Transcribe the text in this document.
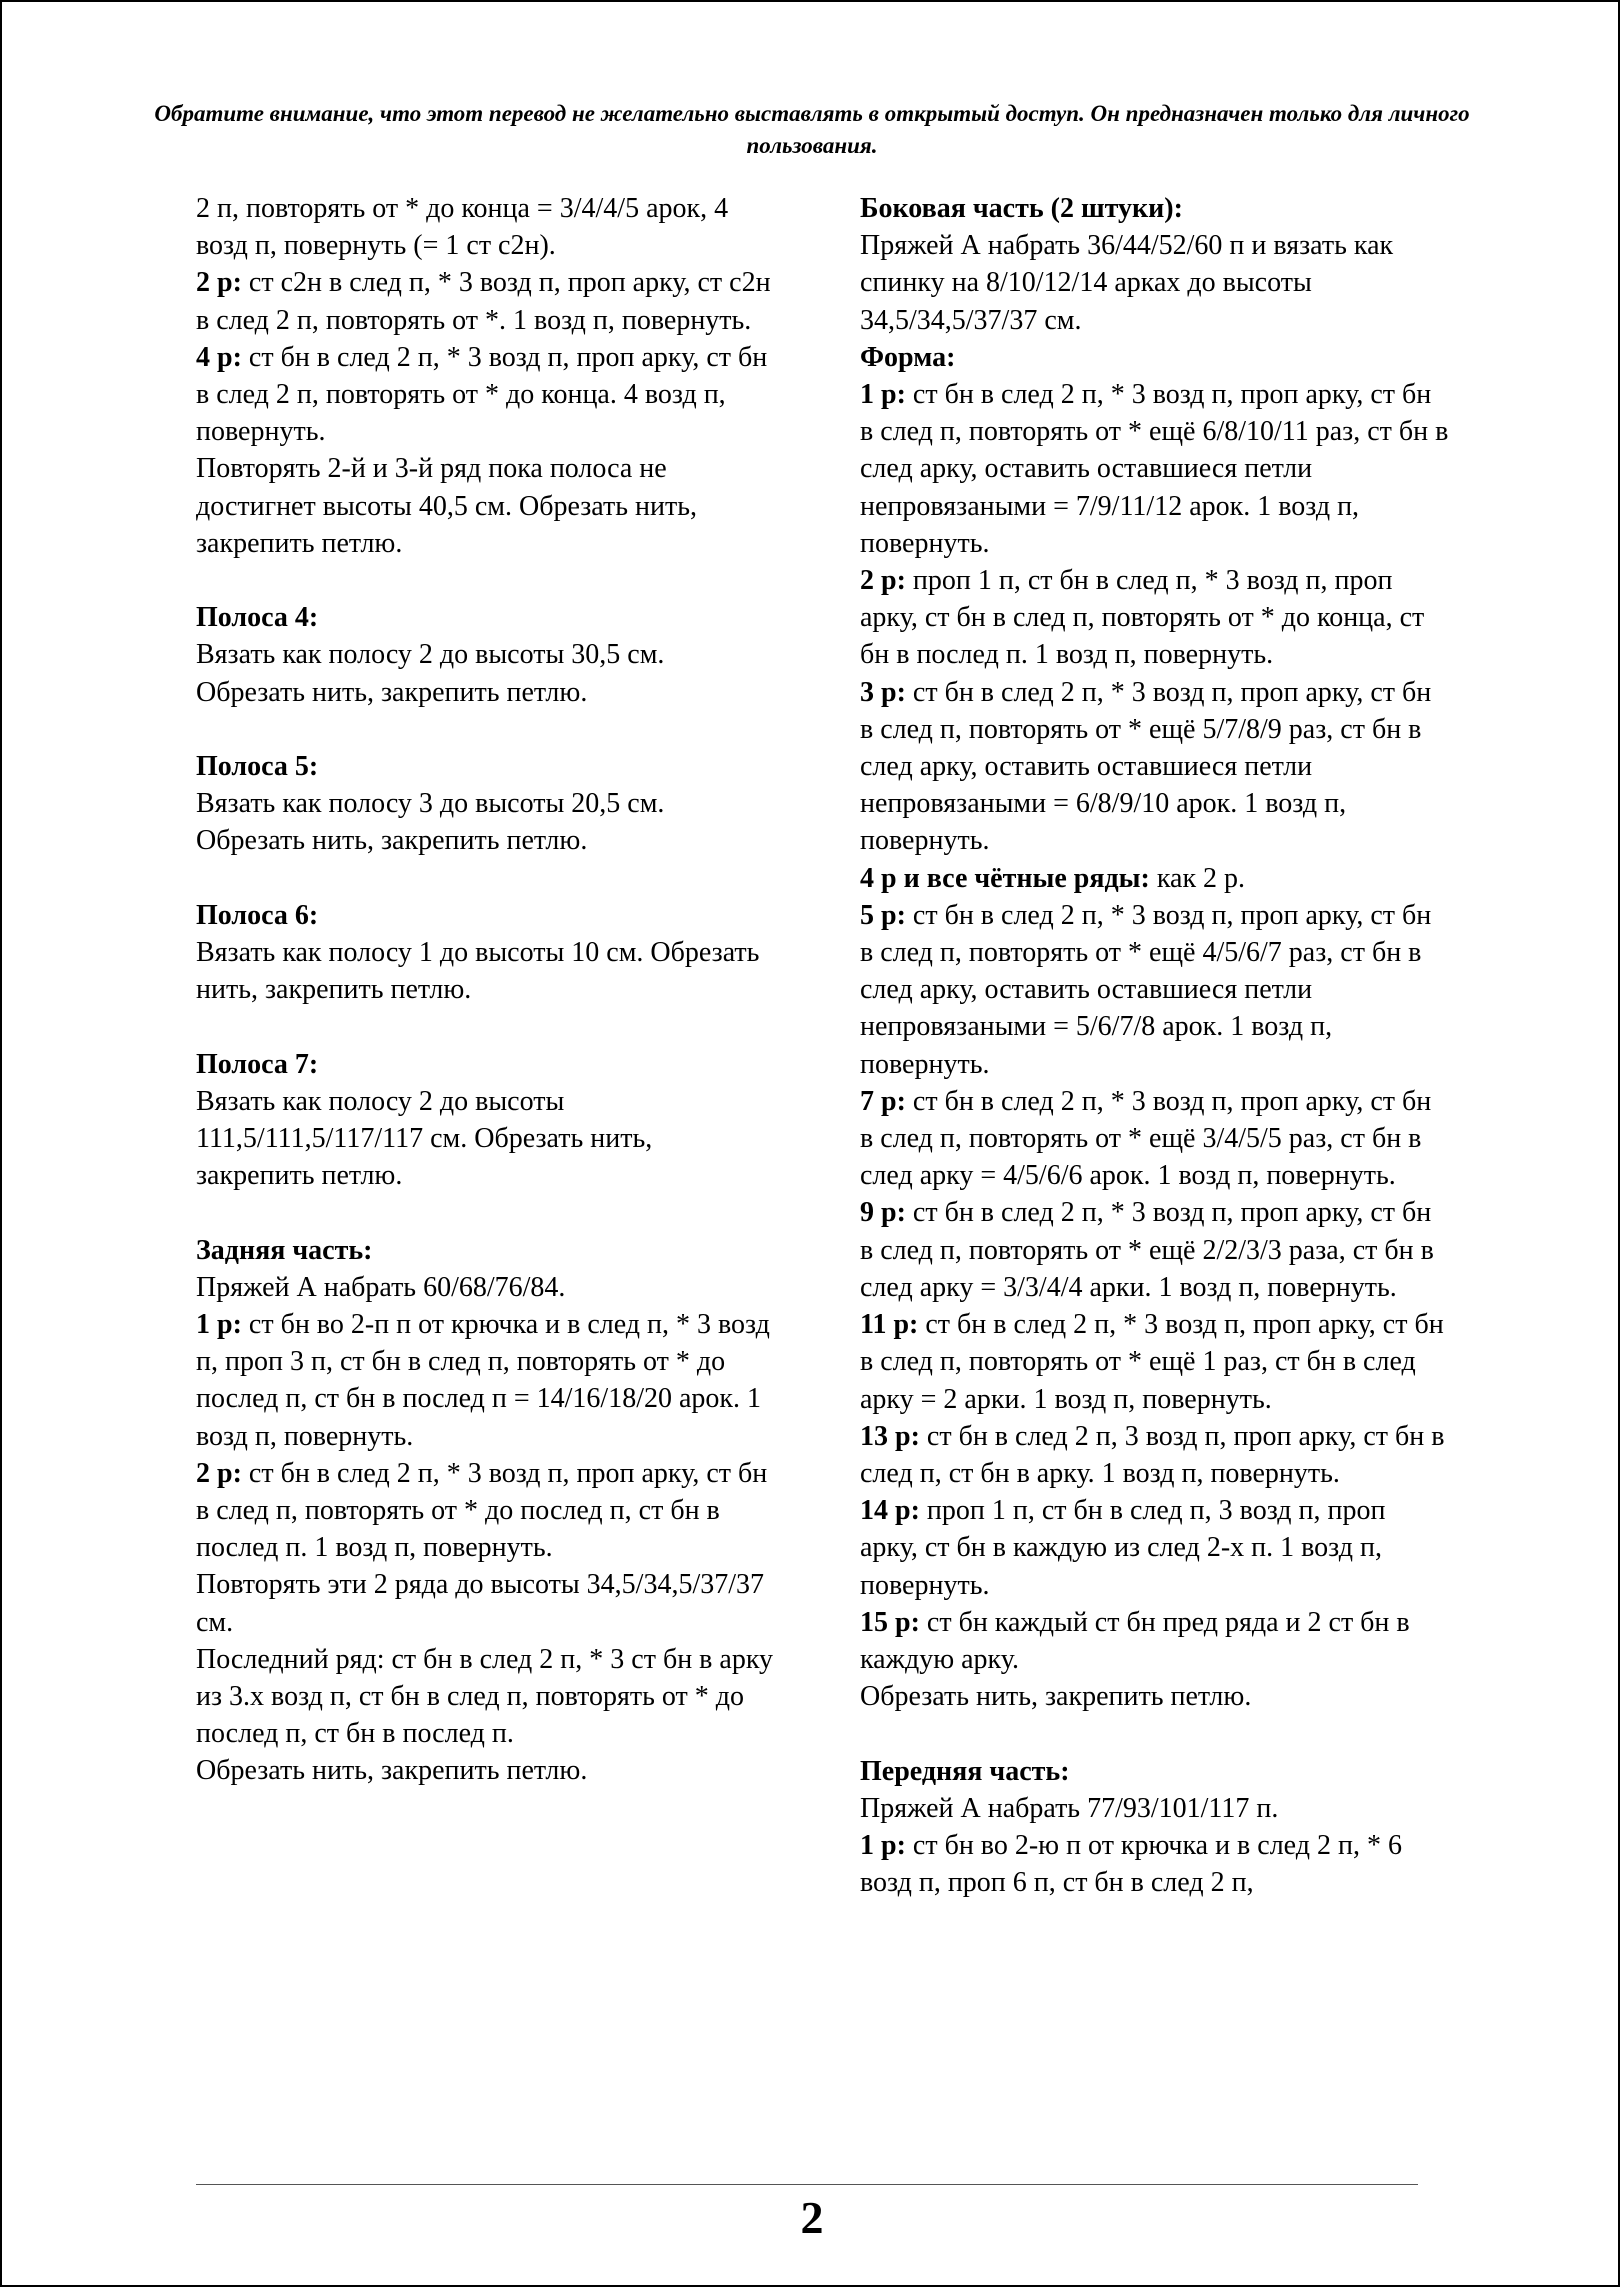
Обратите внимание, что этот перевод не желательно выставлять в открытый доступ. Он предназначен только для личного пользования.

2 п, повторять от * до конца = 3/4/4/5 арок, 4 возд п, повернуть (= 1 ст с2н).

2 р: ст с2н в след п, * 3 возд п, проп арку, ст с2н в след 2 п, повторять от *. 1 возд п, повернуть.

4 р: ст бн в след 2 п, * 3 возд п, проп арку, ст бн в след 2 п, повторять от * до конца. 4 возд п, повернуть.

Повторять 2-й и 3-й ряд пока полоса не достигнет высоты 40,5 см. Обрезать нить, закрепить петлю.

Полоса 4:

Вязать как полосу 2 до высоты 30,5 см. Обрезать нить, закрепить петлю.

Полоса 5:

Вязать как полосу 3 до высоты 20,5 см. Обрезать нить, закрепить петлю.

Полоса 6:

Вязать как полосу 1 до высоты 10 см. Обрезать нить, закрепить петлю.

Полоса 7:

Вязать как полосу 2 до высоты 111,5/111,5/117/117 см. Обрезать нить, закрепить петлю.

Задняя часть:

Пряжей А набрать 60/68/76/84.

1 р: ст бн во 2-п п от крючка и в след п, * 3 возд п, проп 3 п, ст бн в след п, повторять от * до послед п, ст бн в послед п = 14/16/18/20 арок. 1 возд п, повернуть.

2 р: ст бн в след 2 п, * 3 возд п, проп арку, ст бн в след п, повторять от * до послед п, ст бн в послед п. 1 возд п, повернуть.

Повторять эти 2 ряда до высоты 34,5/34,5/37/37 см.

Последний ряд: ст бн в след 2 п, * 3 ст бн в арку из 3.х возд п, ст бн в след п, повторять от * до послед п, ст бн в послед п.

Обрезать нить, закрепить петлю.

Боковая часть (2 штуки):

Пряжей А набрать 36/44/52/60 п и вязать как спинку на 8/10/12/14 арках до высоты 34,5/34,5/37/37 см.

Форма:

1 р: ст бн в след 2 п, * 3 возд п, проп арку, ст бн в след п, повторять от * ещё 6/8/10/11 раз, ст бн в след арку, оставить оставшиеся петли непровязаными = 7/9/11/12 арок. 1 возд п, повернуть.

2 р: проп 1 п, ст бн в след п, * 3 возд п, проп арку, ст бн в след п, повторять от * до конца, ст бн в послед п. 1 возд п, повернуть.

3 р: ст бн в след 2 п, * 3 возд п, проп арку, ст бн в след п, повторять от * ещё 5/7/8/9 раз, ст бн в след арку, оставить оставшиеся петли непровязаными = 6/8/9/10 арок. 1 возд п, повернуть.

4 р и все чётные ряды: как 2 р.

5 р: ст бн в след 2 п, * 3 возд п, проп арку, ст бн в след п, повторять от * ещё 4/5/6/7 раз, ст бн в след арку, оставить оставшиеся петли непровязаными = 5/6/7/8 арок. 1 возд п, повернуть.

7 р: ст бн в след 2 п, * 3 возд п, проп арку, ст бн в след п, повторять от * ещё 3/4/5/5 раз, ст бн в след арку = 4/5/6/6 арок. 1 возд п, повернуть.

9 р: ст бн в след 2 п, * 3 возд п, проп арку, ст бн в след п, повторять от * ещё 2/2/3/3 раза, ст бн в след арку = 3/3/4/4 арки. 1 возд п, повернуть.

11 р: ст бн в след 2 п, * 3 возд п, проп арку, ст бн в след п, повторять от * ещё 1 раз, ст бн в след арку = 2 арки. 1 возд п, повернуть.

13 р: ст бн в след 2 п, 3 возд п, проп арку, ст бн в след п, ст бн в арку. 1 возд п, повернуть.

14 р: проп 1 п, ст бн в след п, 3 возд п, проп арку, ст бн в каждую из след 2-х п. 1 возд п, повернуть.

15 р: ст бн каждый ст бн пред ряда и 2 ст бн в каждую арку.

Обрезать нить, закрепить петлю.

Передняя часть:

Пряжей А набрать 77/93/101/117 п.

1 р: ст бн во 2-ю п от крючка и в след 2 п, * 6 возд п, проп 6 п, ст бн в след 2 п,

2
